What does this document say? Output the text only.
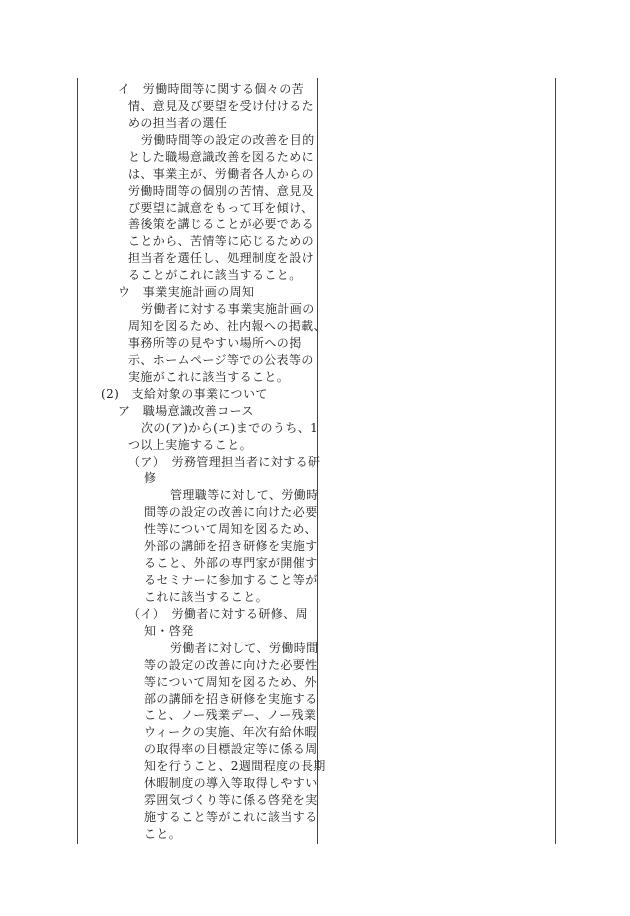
イ　労働時間等に関する個々の苦
情、意見及び要望を受け付けるた
めの担当者の選任
労働時間等の設定の改善を目的
とした職場意識改善を図るために
は、事業主が、労働者各人からの
労働時間等の個別の苦情、意見及
び要望に誠意をもって耳を傾け、
善後策を講じることが必要である
ことから、苦情等に応じるための
担当者を選任し、処理制度を設け
ることがこれに該当すること。
ウ　事業実施計画の周知
労働者に対する事業実施計画の
周知を図るため、社内報への掲載、
事務所等の見やすい場所への掲
示、ホームページ等での公表等の
実施がこれに該当すること。
(2)　支給対象の事業について
ア　職場意識改善コース
次の(ア)から(エ)までのうち、1
つ以上実施すること。
（ア）　労務管理担当者に対する研
修
管理職等に対して、労働時
間等の設定の改善に向けた必要
性等について周知を図るため、
外部の講師を招き研修を実施す
ること、外部の専門家が開催す
るセミナーに参加すること等が
これに該当すること。
（イ）　労働者に対する研修、周
知・啓発
労働者に対して、労働時間
等の設定の改善に向けた必要性
等について周知を図るため、外
部の講師を招き研修を実施する
こと、ノー残業デー、ノー残業
ウィークの実施、年次有給休暇
の取得率の目標設定等に係る周
知を行うこと、2週間程度の長期
休暇制度の導入等取得しやすい
雰囲気づくり等に係る啓発を実
施すること等がこれに該当する
こと。
